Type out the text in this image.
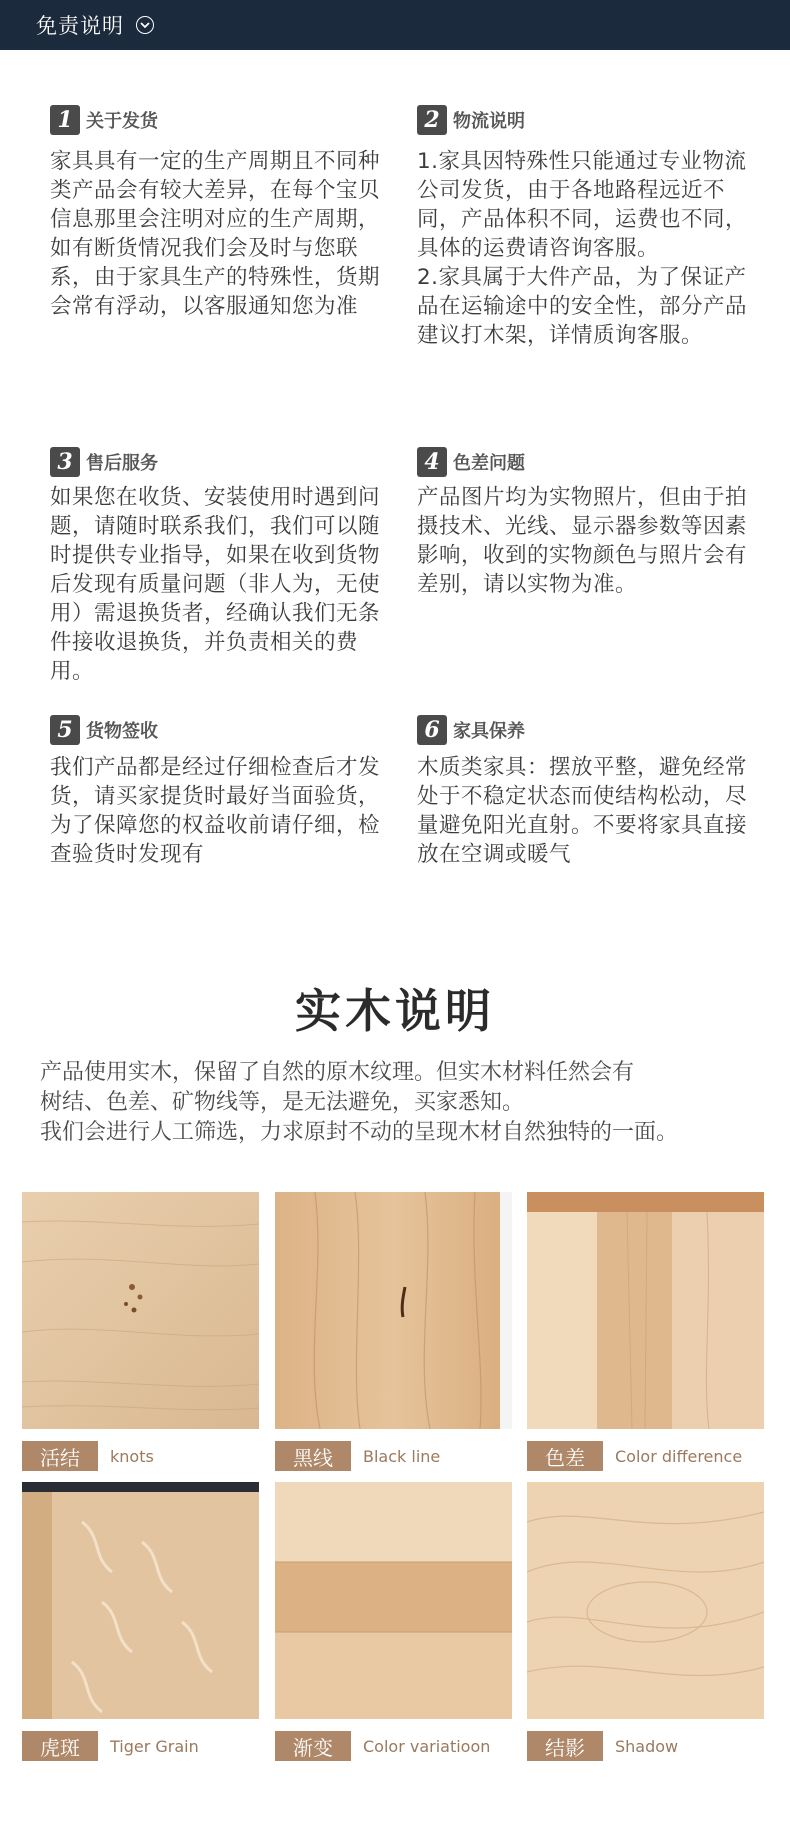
免责说明
1 关于发货
家具具有一定的生产周期且不同种类产品会有较大差异，在每个宝贝信息那里会注明对应的生产周期，如有断货情况我们会及时与您联系，由于家具生产的特殊性，货期会常有浮动，以客服通知您为准
2 物流说明
1.家具因特殊性只能通过专业物流公司发货，由于各地路程远近不同，产品体积不同，运费也不同，具体的运费请咨询客服。
2.家具属于大件产品，为了保证产品在运输途中的安全性，部分产品建议打木架，详情质询客服。
3 售后服务
如果您在收货、安装使用时遇到问题，请随时联系我们，我们可以随时提供专业指导，如果在收到货物后发现有质量问题（非人为，无使用）需退换货者，经确认我们无条件接收退换货，并负责相关的费用。
4 色差问题
产品图片均为实物照片，但由于拍摄技术、光线、显示器参数等因素影响，收到的实物颜色与照片会有差别，请以实物为准。
5 货物签收
我们产品都是经过仔细检查后才发货，请买家提货时最好当面验货，为了保障您的权益收前请仔细，检查验货时发现有
6 家具保养
木质类家具：摆放平整，避免经常处于不稳定状态而使结构松动，尽量避免阳光直射。不要将家具直接放在空调或暖气
实木说明
产品使用实木，保留了自然的原木纹理。但实木材料任然会有
树结、色差、矿物线等，是无法避免，买家悉知。
我们会进行人工筛选，力求原封不动的呈现木材自然独特的一面。
活结	knots	黑线	Black line	色差	Color difference
虎斑	Tiger Grain	渐变	Color variatioon	结影	Shadow
